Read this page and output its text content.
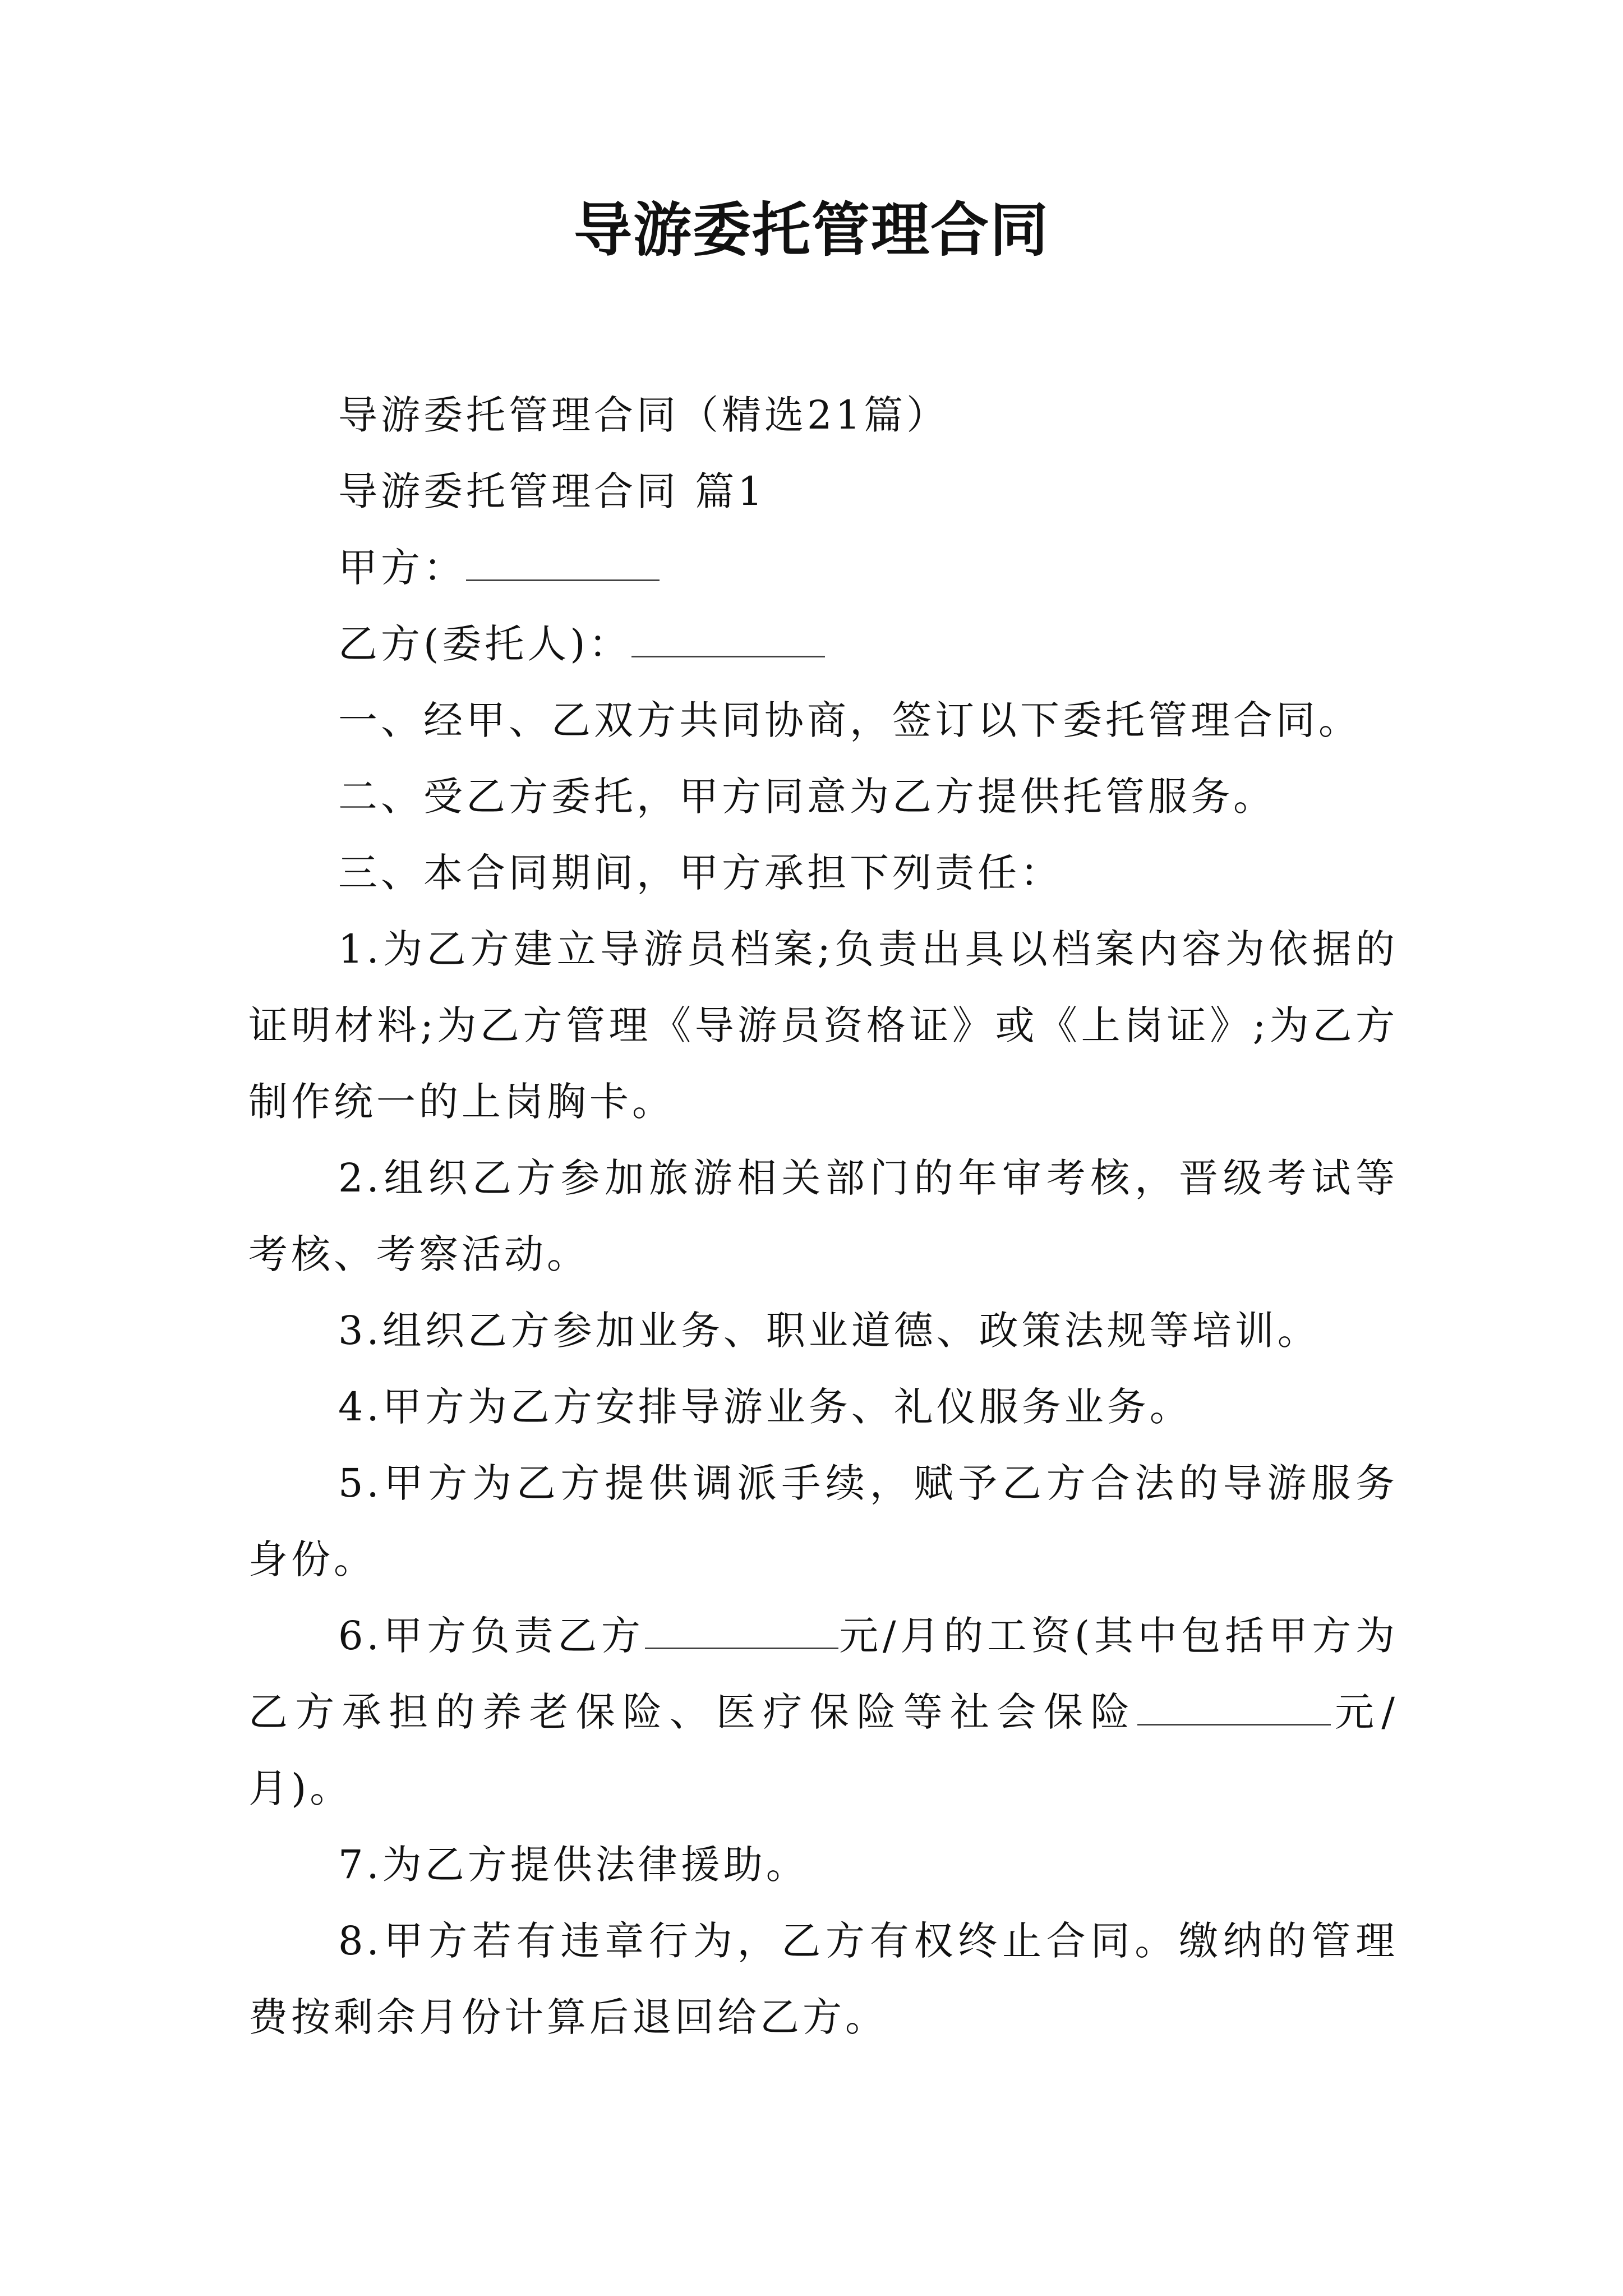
导游委托管理合同

导游委托管理合同（精选21篇）

导游委托管理合同 篇1

甲方：

乙方(委托人)：

一、经甲、乙双方共同协商，签订以下委托管理合同。

二、受乙方委托，甲方同意为乙方提供托管服务。

三、本合同期间，甲方承担下列责任：

1.为乙方建立导游员档案;负责出具以档案内容为依据的证明材料;为乙方管理《导游员资格证》或《上岗证》;为乙方制作统一的上岗胸卡。

2.组织乙方参加旅游相关部门的年审考核，晋级考试等考核、考察活动。

3.组织乙方参加业务、职业道德、政策法规等培训。

4.甲方为乙方安排导游业务、礼仪服务业务。

5.甲方为乙方提供调派手续，赋予乙方合法的导游服务身份。

6.甲方负责乙方	元/月的工资(其中包括甲方为乙方承担的养老保险、医疗保险等社会保险	元/月)。

7.为乙方提供法律援助。

8.甲方若有违章行为，乙方有权终止合同。缴纳的管理费按剩余月份计算后退回给乙方。
